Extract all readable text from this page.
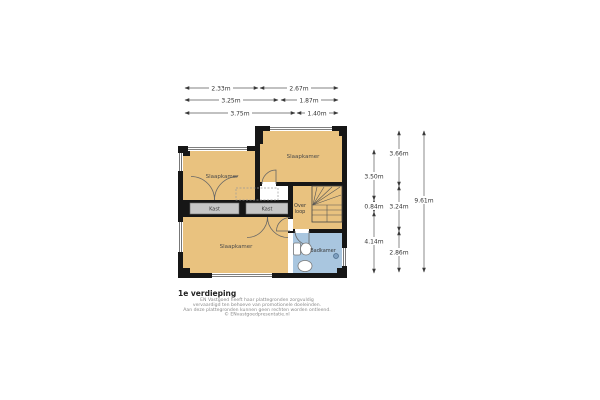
Slaapkamer
Slaapkamer
Slaapkamer
Kast	Kast
Over
loop
Badkamer
2.33m	2.67m
3.25m	1.87m
3.75m	1.40m
3.50m
0.84m
4.14m
3.66m
3.24m
2.86m
9.61m
1e verdieping
EN Vastgoed heeft haar plattegronden zorgvuldig
vervaardigd ten behoeve van promotionele doeleinden.
Aan deze plattegronden kunnen geen rechten worden ontleend.
© ENvastgoedpresentatie.nl
